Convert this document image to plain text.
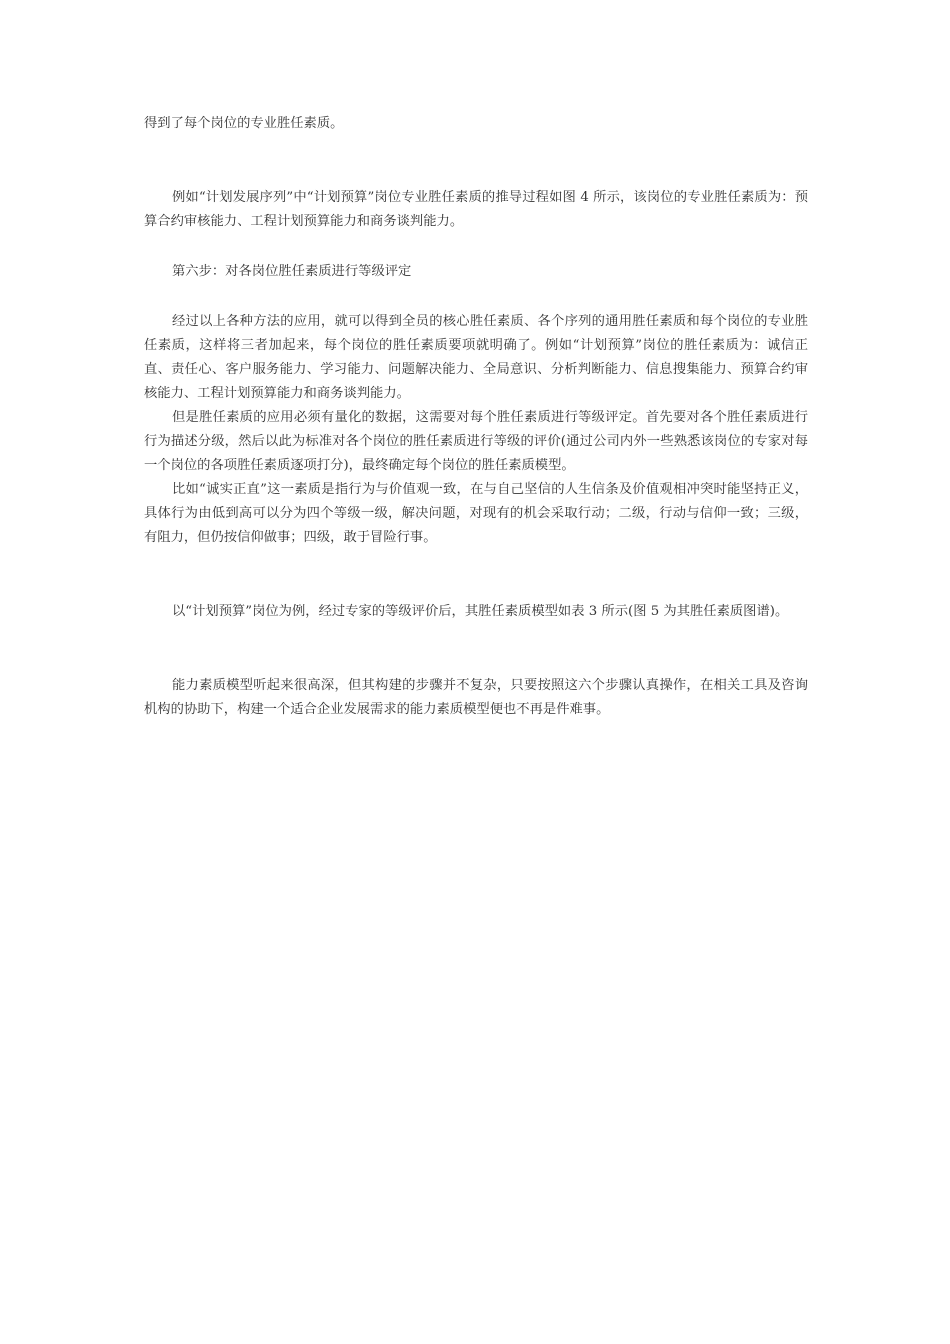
得到了每个岗位的专业胜任素质。

例如“计划发展序列”中“计划预算”岗位专业胜任素质的推导过程如图 4 所示，该岗位的专业胜任素质为：预算合约审核能力、工程计划预算能力和商务谈判能力。

第六步：对各岗位胜任素质进行等级评定

经过以上各种方法的应用，就可以得到全员的核心胜任素质、各个序列的通用胜任素质和每个岗位的专业胜任素质，这样将三者加起来，每个岗位的胜任素质要项就明确了。例如“计划预算”岗位的胜任素质为：诚信正直、责任心、客户服务能力、学习能力、问题解决能力、全局意识、分析判断能力、信息搜集能力、预算合约审核能力、工程计划预算能力和商务谈判能力。

但是胜任素质的应用必须有量化的数据，这需要对每个胜任素质进行等级评定。首先要对各个胜任素质进行行为描述分级，然后以此为标准对各个岗位的胜任素质进行等级的评价(通过公司内外一些熟悉该岗位的专家对每一个岗位的各项胜任素质逐项打分)，最终确定每个岗位的胜任素质模型。

比如“诚实正直”这一素质是指行为与价值观一致，在与自己坚信的人生信条及价值观相冲突时能坚持正义，具体行为由低到高可以分为四个等级一级，解决问题，对现有的机会采取行动；二级，行动与信仰一致；三级，有阻力，但仍按信仰做事；四级，敢于冒险行事。

以“计划预算”岗位为例，经过专家的等级评价后，其胜任素质模型如表 3 所示(图 5 为其胜任素质图谱)。

能力素质模型听起来很高深，但其构建的步骤并不复杂，只要按照这六个步骤认真操作，在相关工具及咨询机构的协助下，构建一个适合企业发展需求的能力素质模型便也不再是件难事。
